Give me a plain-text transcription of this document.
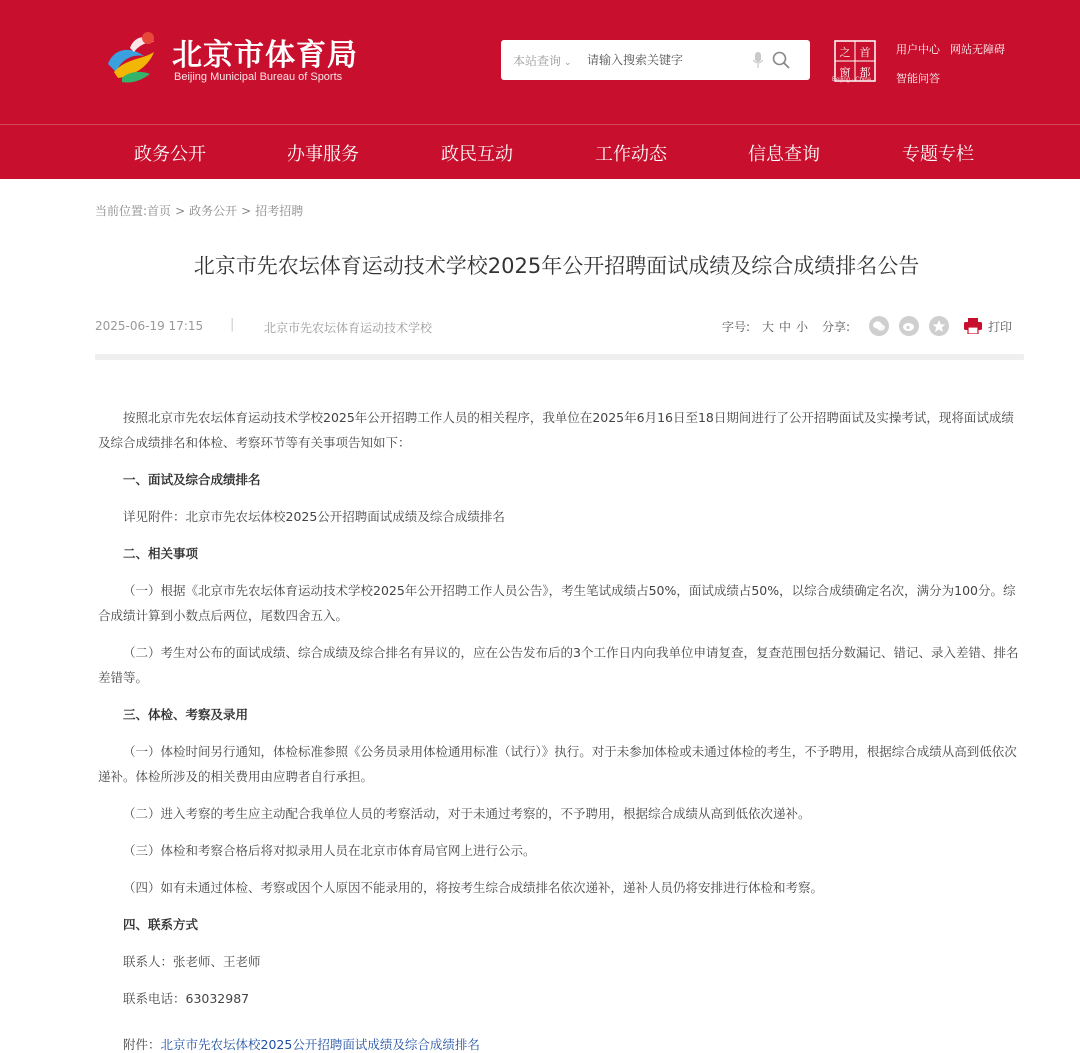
北京市体育局
Beijing Municipal Bureau of Sports
本站查询 ⌄
请输入搜索关键字
之 首
都
窗
Beijing · China
用户中心 网站无障碍
智能问答
政务公开	办事服务	政民互动	工作动态	信息查询	专题专栏
当前位置:首页 > 政务公开 > 招考招聘
北京市先农坛体育运动技术学校2025年公开招聘面试成绩及综合成绩排名公告
2025-06-19 17:15 | 北京市先农坛体育运动技术学校	字号: 大 中 小 分享:	打印

按照北京市先农坛体育运动技术学校2025年公开招聘工作人员的相关程序，我单位在2025年6月16日至18日期间进行了公开招聘面试及实操考试，现将面试成绩及综合成绩排名和体检、考察环节等有关事项告知如下：

一、面试及综合成绩排名

详见附件：北京市先农坛体校2025公开招聘面试成绩及综合成绩排名

二、相关事项

（一）根据《北京市先农坛体育运动技术学校2025年公开招聘工作人员公告》，考生笔试成绩占50%，面试成绩占50%，以综合成绩确定名次，满分为100分。综合成绩计算到小数点后两位，尾数四舍五入。

（二）考生对公布的面试成绩、综合成绩及综合排名有异议的，应在公告发布后的3个工作日内向我单位申请复查，复查范围包括分数漏记、错记、录入差错、排名差错等。

三、体检、考察及录用

（一）体检时间另行通知，体检标准参照《公务员录用体检通用标准（试行）》执行。对于未参加体检或未通过体检的考生，不予聘用，根据综合成绩从高到低依次递补。体检所涉及的相关费用由应聘者自行承担。

（二）进入考察的考生应主动配合我单位人员的考察活动，对于未通过考察的，不予聘用，根据综合成绩从高到低依次递补。

（三）体检和考察合格后将对拟录用人员在北京市体育局官网上进行公示。

（四）如有未通过体检、考察或因个人原因不能录用的，将按考生综合成绩排名依次递补，递补人员仍将安排进行体检和考察。

四、联系方式

联系人：张老师、王老师

联系电话：63032987

附件：北京市先农坛体校2025公开招聘面试成绩及综合成绩排名
